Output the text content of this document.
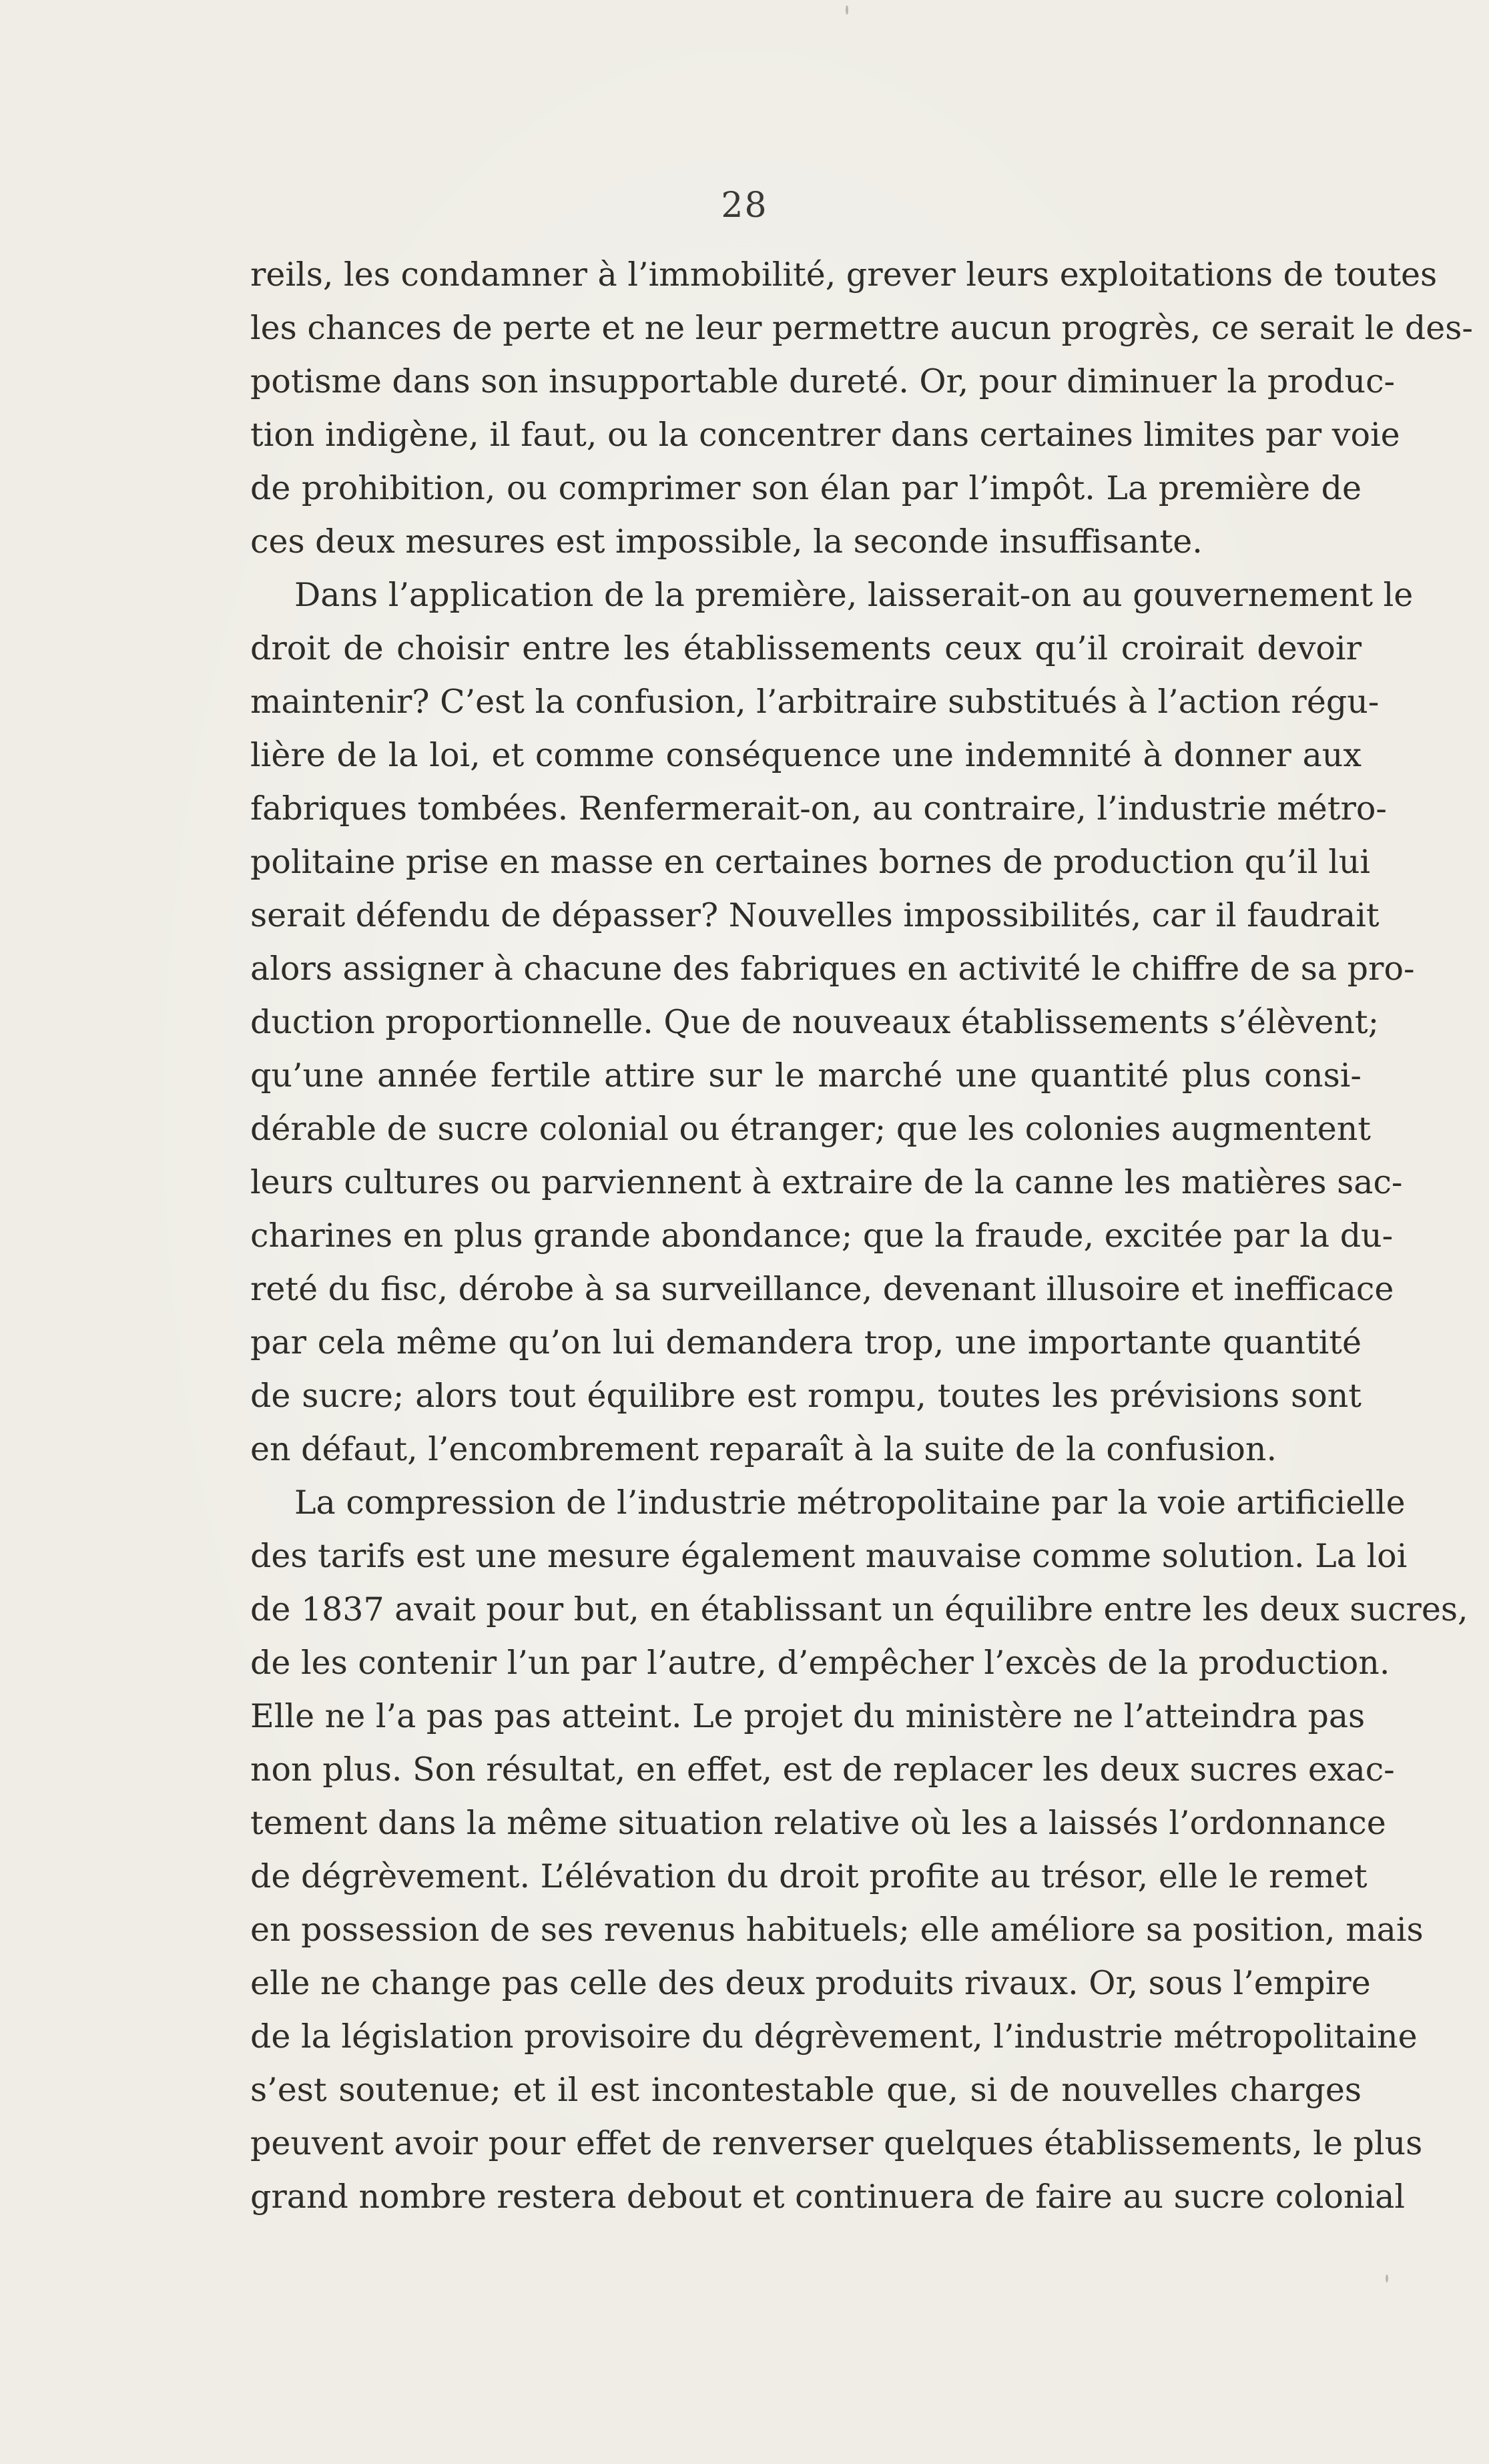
28
reils, les condamner à l’immobilité, grever leurs exploitations de toutes
les chances de perte et ne leur permettre aucun progrès, ce serait le des-
potisme dans son insupportable dureté. Or, pour diminuer la produc-
tion indigène, il faut, ou la concentrer dans certaines limites par voie
de prohibition, ou comprimer son élan par l’impôt. La première de
ces deux mesures est impossible, la seconde insuffisante.
Dans l’application de la première, laisserait-on au gouvernement le
droit de choisir entre les établissements ceux qu’il croirait devoir
maintenir? C’est la confusion, l’arbitraire substitués à l’action régu-
lière de la loi, et comme conséquence une indemnité à donner aux
fabriques tombées. Renfermerait-on, au contraire, l’industrie métro-
politaine prise en masse en certaines bornes de production qu’il lui
serait défendu de dépasser? Nouvelles impossibilités, car il faudrait
alors assigner à chacune des fabriques en activité le chiffre de sa pro-
duction proportionnelle. Que de nouveaux établissements s’élèvent;
qu’une année fertile attire sur le marché une quantité plus consi-
dérable de sucre colonial ou étranger; que les colonies augmentent
leurs cultures ou parviennent à extraire de la canne les matières sac-
charines en plus grande abondance; que la fraude, excitée par la du-
reté du fisc, dérobe à sa surveillance, devenant illusoire et inefficace
par cela même qu’on lui demandera trop, une importante quantité
de sucre; alors tout équilibre est rompu, toutes les prévisions sont
en défaut, l’encombrement reparaît à la suite de la confusion.
La compression de l’industrie métropolitaine par la voie artificielle
des tarifs est une mesure également mauvaise comme solution. La loi
de 1837 avait pour but, en établissant un équilibre entre les deux sucres,
de les contenir l’un par l’autre, d’empêcher l’excès de la production.
Elle ne l’a pas pas atteint. Le projet du ministère ne l’atteindra pas
non plus. Son résultat, en effet, est de replacer les deux sucres exac-
tement dans la même situation relative où les a laissés l’ordonnance
de dégrèvement. L’élévation du droit profite au trésor, elle le remet
en possession de ses revenus habituels; elle améliore sa position, mais
elle ne change pas celle des deux produits rivaux. Or, sous l’empire
de la législation provisoire du dégrèvement, l’industrie métropolitaine
s’est soutenue; et il est incontestable que, si de nouvelles charges
peuvent avoir pour effet de renverser quelques établissements, le plus
grand nombre restera debout et continuera de faire au sucre colonial
